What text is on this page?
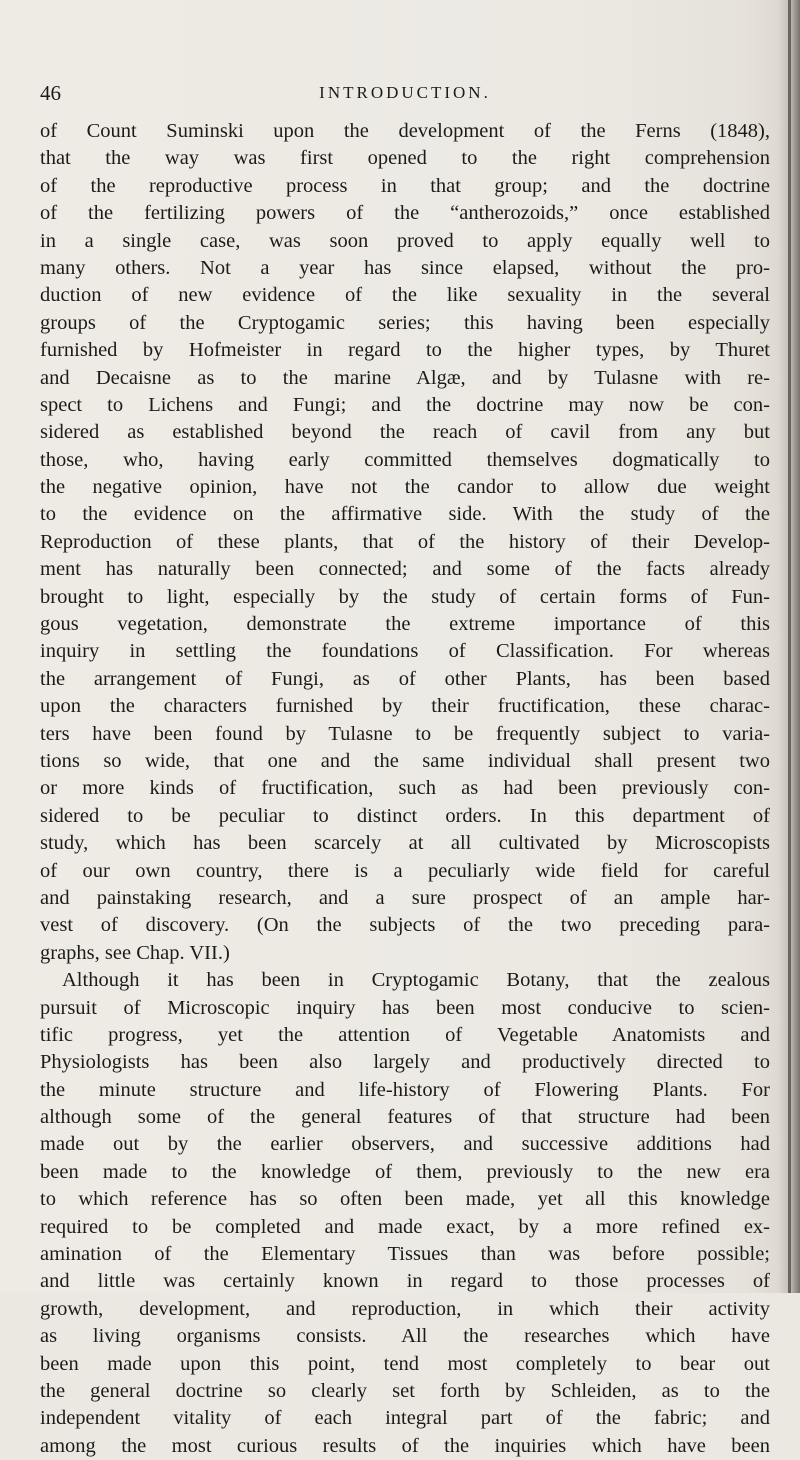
46	INTRODUCTION.
of Count Suminski upon the development of the Ferns (1848),
that the way was first opened to the right comprehension
of the reproductive process in that group; and the doctrine
of the fertilizing powers of the “antherozoids,” once established
in a single case, was soon proved to apply equally well to
many others. Not a year has since elapsed, without the pro-
duction of new evidence of the like sexuality in the several
groups of the Cryptogamic series; this having been especially
furnished by Hofmeister in regard to the higher types, by Thuret
and Decaisne as to the marine Algæ, and by Tulasne with re-
spect to Lichens and Fungi; and the doctrine may now be con-
sidered as established beyond the reach of cavil from any but
those, who, having early committed themselves dogmatically to
the negative opinion, have not the candor to allow due weight
to the evidence on the affirmative side. With the study of the
Reproduction of these plants, that of the history of their Develop-
ment has naturally been connected; and some of the facts already
brought to light, especially by the study of certain forms of Fun-
gous vegetation, demonstrate the extreme importance of this
inquiry in settling the foundations of Classification. For whereas
the arrangement of Fungi, as of other Plants, has been based
upon the characters furnished by their fructification, these charac-
ters have been found by Tulasne to be frequently subject to varia-
tions so wide, that one and the same individual shall present two
or more kinds of fructification, such as had been previously con-
sidered to be peculiar to distinct orders. In this department of
study, which has been scarcely at all cultivated by Microscopists
of our own country, there is a peculiarly wide field for careful
and painstaking research, and a sure prospect of an ample har-
vest of discovery. (On the subjects of the two preceding para-
graphs, see Chap. VII.)
Although it has been in Cryptogamic Botany, that the zealous
pursuit of Microscopic inquiry has been most conducive to scien-
tific progress, yet the attention of Vegetable Anatomists and
Physiologists has been also largely and productively directed to
the minute structure and life-history of Flowering Plants. For
although some of the general features of that structure had been
made out by the earlier observers, and successive additions had
been made to the knowledge of them, previously to the new era
to which reference has so often been made, yet all this knowledge
required to be completed and made exact, by a more refined ex-
amination of the Elementary Tissues than was before possible;
and little was certainly known in regard to those processes of
growth, development, and reproduction, in which their activity
as living organisms consists. All the researches which have
been made upon this point, tend most completely to bear out
the general doctrine so clearly set forth by Schleiden, as to the
independent vitality of each integral part of the fabric; and
among the most curious results of the inquiries which have been
